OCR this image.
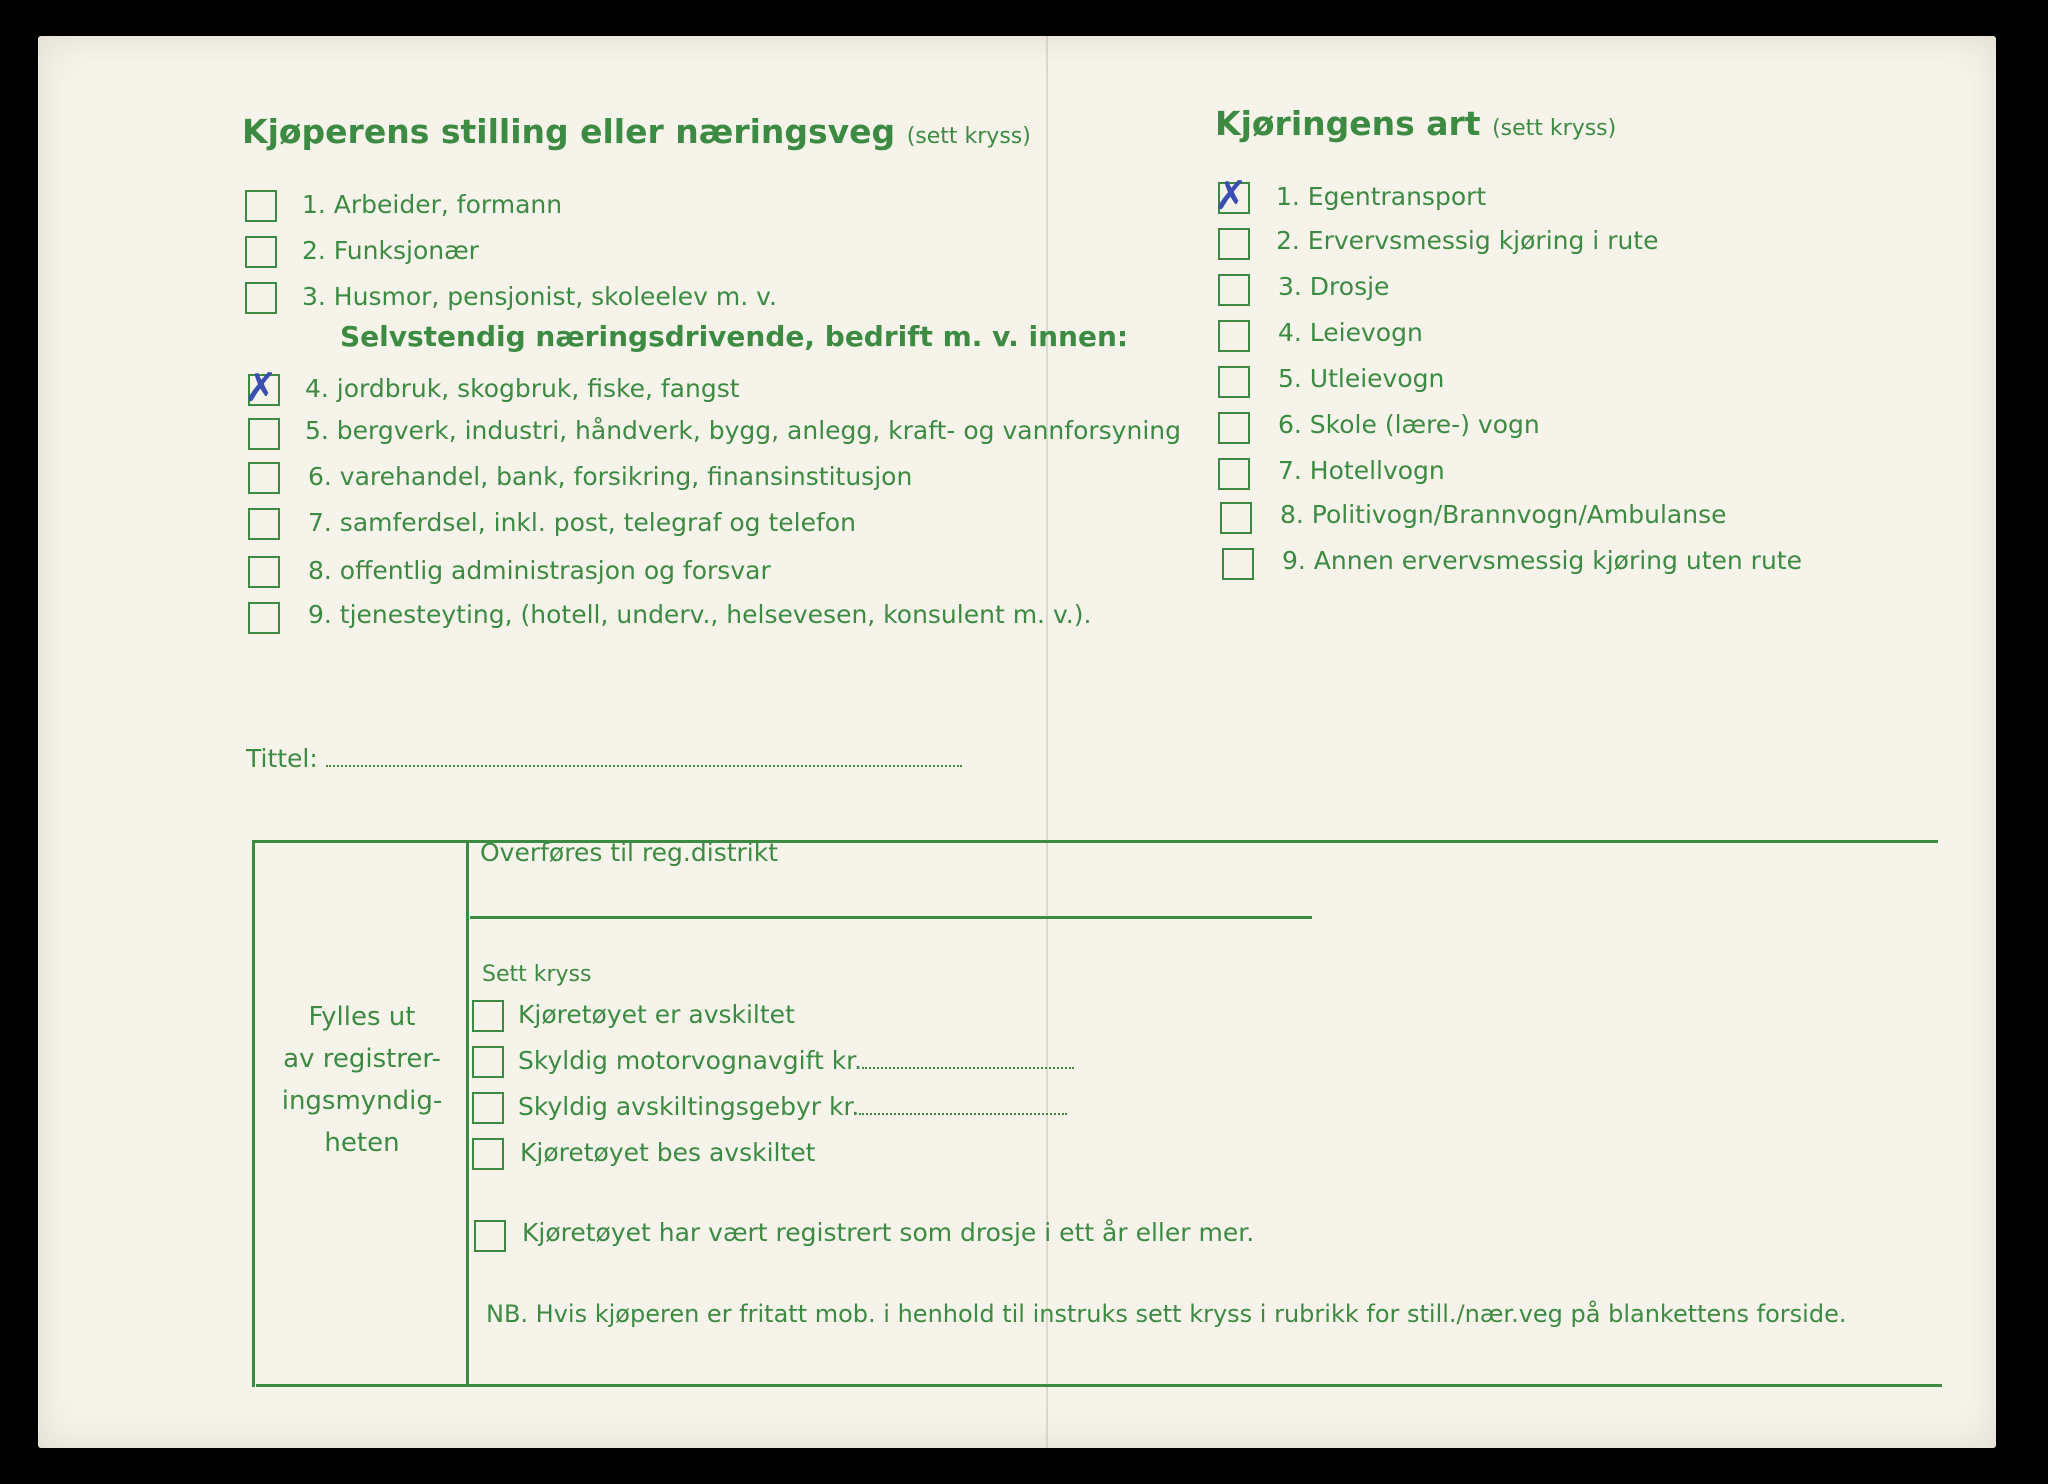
Kjøperens stilling eller næringsveg (sett kryss)
1. Arbeider, formann
2. Funksjonær
3. Husmor, pensjonist, skoleelev m. v.
Selvstendig næringsdrivende, bedrift m. v. innen:
✗ 4. jordbruk, skogbruk, fiske, fangst
5. bergverk, industri, håndverk, bygg, anlegg, kraft- og vannforsyning
6. varehandel, bank, forsikring, finansinstitusjon
7. samferdsel, inkl. post, telegraf og telefon
8. offentlig administrasjon og forsvar
9. tjenesteyting, (hotell, underv., helsevesen, konsulent m. v.).
Tittel:
Kjøringens art (sett kryss)
✗ 1. Egentransport
2. Ervervsmessig kjøring i rute
3. Drosje
4. Leievogn
5. Utleievogn
6. Skole (lære-) vogn
7. Hotellvogn
8. Politivogn/Brannvogn/Ambulanse
9. Annen ervervsmessig kjøring uten rute
Fylles ut
av registrer-
ingsmyndig-
heten
Overføres til reg.distrikt
Sett kryss
Kjøretøyet er avskiltet
Skyldig motorvognavgift kr.
Skyldig avskiltingsgebyr kr.
Kjøretøyet bes avskiltet
Kjøretøyet har vært registrert som drosje i ett år eller mer.
NB. Hvis kjøperen er fritatt mob. i henhold til instruks sett kryss i rubrikk for still./nær.veg på blankettens forside.
